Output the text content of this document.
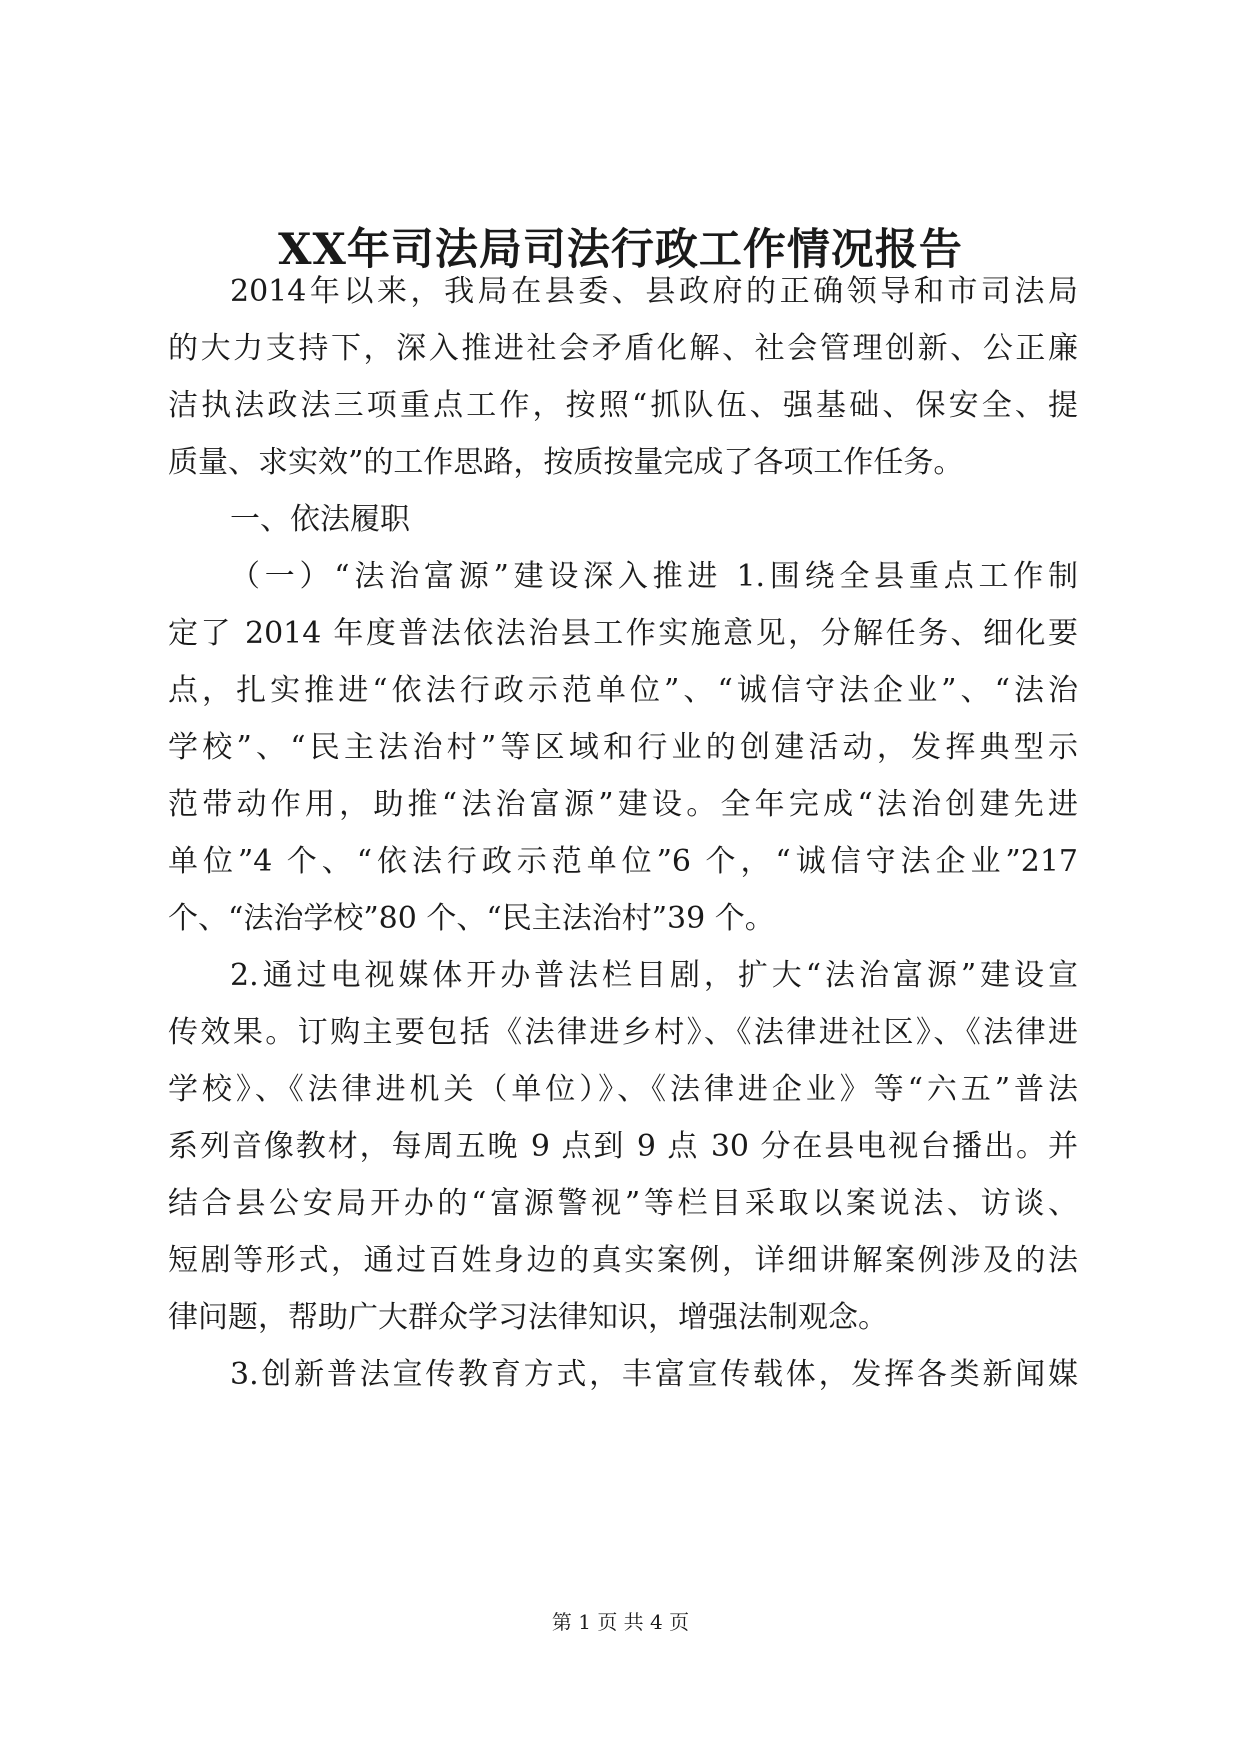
XX年司法局司法行政工作情况报告

2014年以来，我局在县委、县政府的正确领导和市司法局

的大力支持下，深入推进社会矛盾化解、社会管理创新、公正廉

洁执法政法三项重点工作，按照“抓队伍、强基础、保安全、提

质量、求实效”的工作思路，按质按量完成了各项工作任务。

一、依法履职

（一）“法治富源”建设深入推进 1.围绕全县重点工作制

定了 2014 年度普法依法治县工作实施意见，分解任务、细化要

点，扎实推进“依法行政示范单位”、“诚信守法企业”、“法治

学校”、“民主法治村”等区域和行业的创建活动，发挥典型示

范带动作用，助推“法治富源”建设。全年完成“法治创建先进

单位”4 个、“依法行政示范单位”6 个，“诚信守法企业”217

个、“法治学校”80 个、“民主法治村”39 个。

2.通过电视媒体开办普法栏目剧，扩大“法治富源”建设宣

传效果。订购主要包括《法律进乡村》、《法律进社区》、《法律进

学校》、《法律进机关（单位）》、《法律进企业》等“六五”普法

系列音像教材，每周五晚 9 点到 9 点 30 分在县电视台播出。并

结合县公安局开办的“富源警视”等栏目采取以案说法、访谈、

短剧等形式，通过百姓身边的真实案例，详细讲解案例涉及的法

律问题，帮助广大群众学习法律知识，增强法制观念。

3.创新普法宣传教育方式，丰富宣传载体，发挥各类新闻媒

第 1 页 共 4 页
